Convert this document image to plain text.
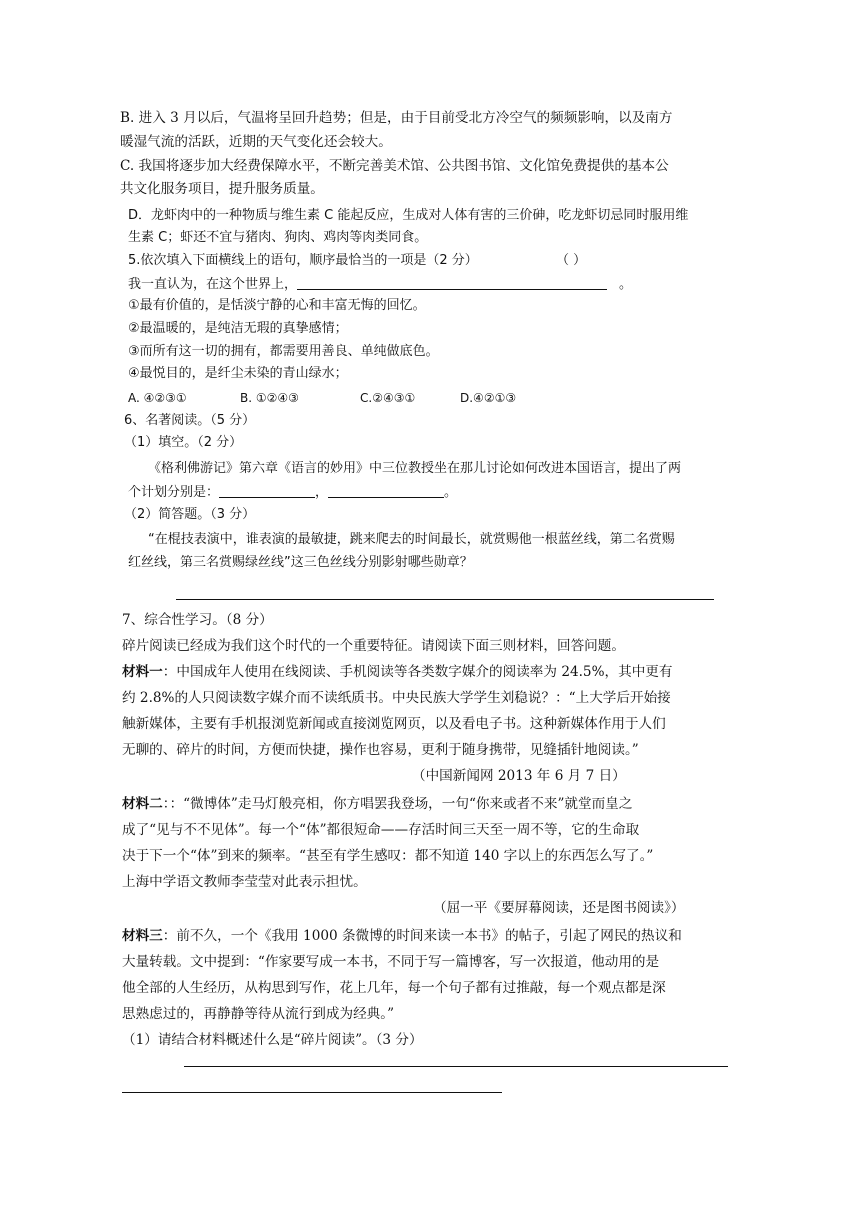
B. 进入 3 月以后，气温将呈回升趋势；但是，由于目前受北方冷空气的频频影响，以及南方
暖湿气流的活跃，近期的天气变化还会较大。
C. 我国将逐步加大经费保障水平，不断完善美术馆、公共图书馆、文化馆免费提供的基本公
共文化服务项目，提升服务质量。
D．龙虾肉中的一种物质与维生素 C 能起反应，生成对人体有害的三价砷，吃龙虾切忌同时服用维
生素 C；虾还不宜与猪肉、狗肉、鸡肉等肉类同食。
5.依次填入下面横线上的语句，顺序最恰当的一项是（2 分）	（ ）
我一直认为，在这个世界上，	。
①最有价值的，是恬淡宁静的心和丰富无悔的回忆。
②最温暖的，是纯洁无瑕的真挚感情；
③而所有这一切的拥有，都需要用善良、单纯做底色。
④最悦目的，是纤尘未染的青山绿水；
A. ④②③①	B. ①②④③	C.②④③①	D.④②①③
6、名著阅读。（5 分）
（1）填空。（2 分）
《格利佛游记》第六章《语言的妙用》中三位教授坐在那儿讨论如何改进本国语言，提出了两
个计划分别是：	，	。
（2）简答题。（3 分）
“在棍技表演中，谁表演的最敏捷，跳来爬去的时间最长，就赏赐他一根蓝丝线，第二名赏赐
红丝线，第三名赏赐绿丝线”这三色丝线分别影射哪些勋章？
7、综合性学习。（8 分）
碎片阅读已经成为我们这个时代的一个重要特征。请阅读下面三则材料，回答问题。
材料一：中国成年人使用在线阅读、手机阅读等各类数字媒介的阅读率为 24.5%，其中更有
约 2.8%的人只阅读数字媒介而不读纸质书。中央民族大学学生刘稳说？：“上大学后开始接
触新媒体，主要有手机报浏览新闻或直接浏览网页，以及看电子书。这种新媒体作用于人们
无聊的、碎片的时间，方便而快捷，操作也容易，更利于随身携带，见缝插针地阅读。”
（中国新闻网 2013 年 6 月 7 日）
材料二：：“微博体”走马灯般亮相，你方唱罢我登场，一句“你来或者不来”就堂而皇之
成了“见与不不见体”。每一个“体”都很短命——存活时间三天至一周不等，它的生命取
决于下一个“体”到来的频率。“甚至有学生感叹：都不知道 140 字以上的东西怎么写了。”
上海中学语文教师李莹莹对此表示担忧。
（屈一平《要屏幕阅读，还是图书阅读》）
材料三：前不久，一个《我用 1000 条微博的时间来读一本书》的帖子，引起了网民的热议和
大量转载。文中提到：“作家要写成一本书，不同于写一篇博客，写一次报道，他动用的是
他全部的人生经历，从构思到写作，花上几年，每一个句子都有过推敲，每一个观点都是深
思熟虑过的，再静静等待从流行到成为经典。”
（1）请结合材料概述什么是“碎片阅读”。（3 分）
